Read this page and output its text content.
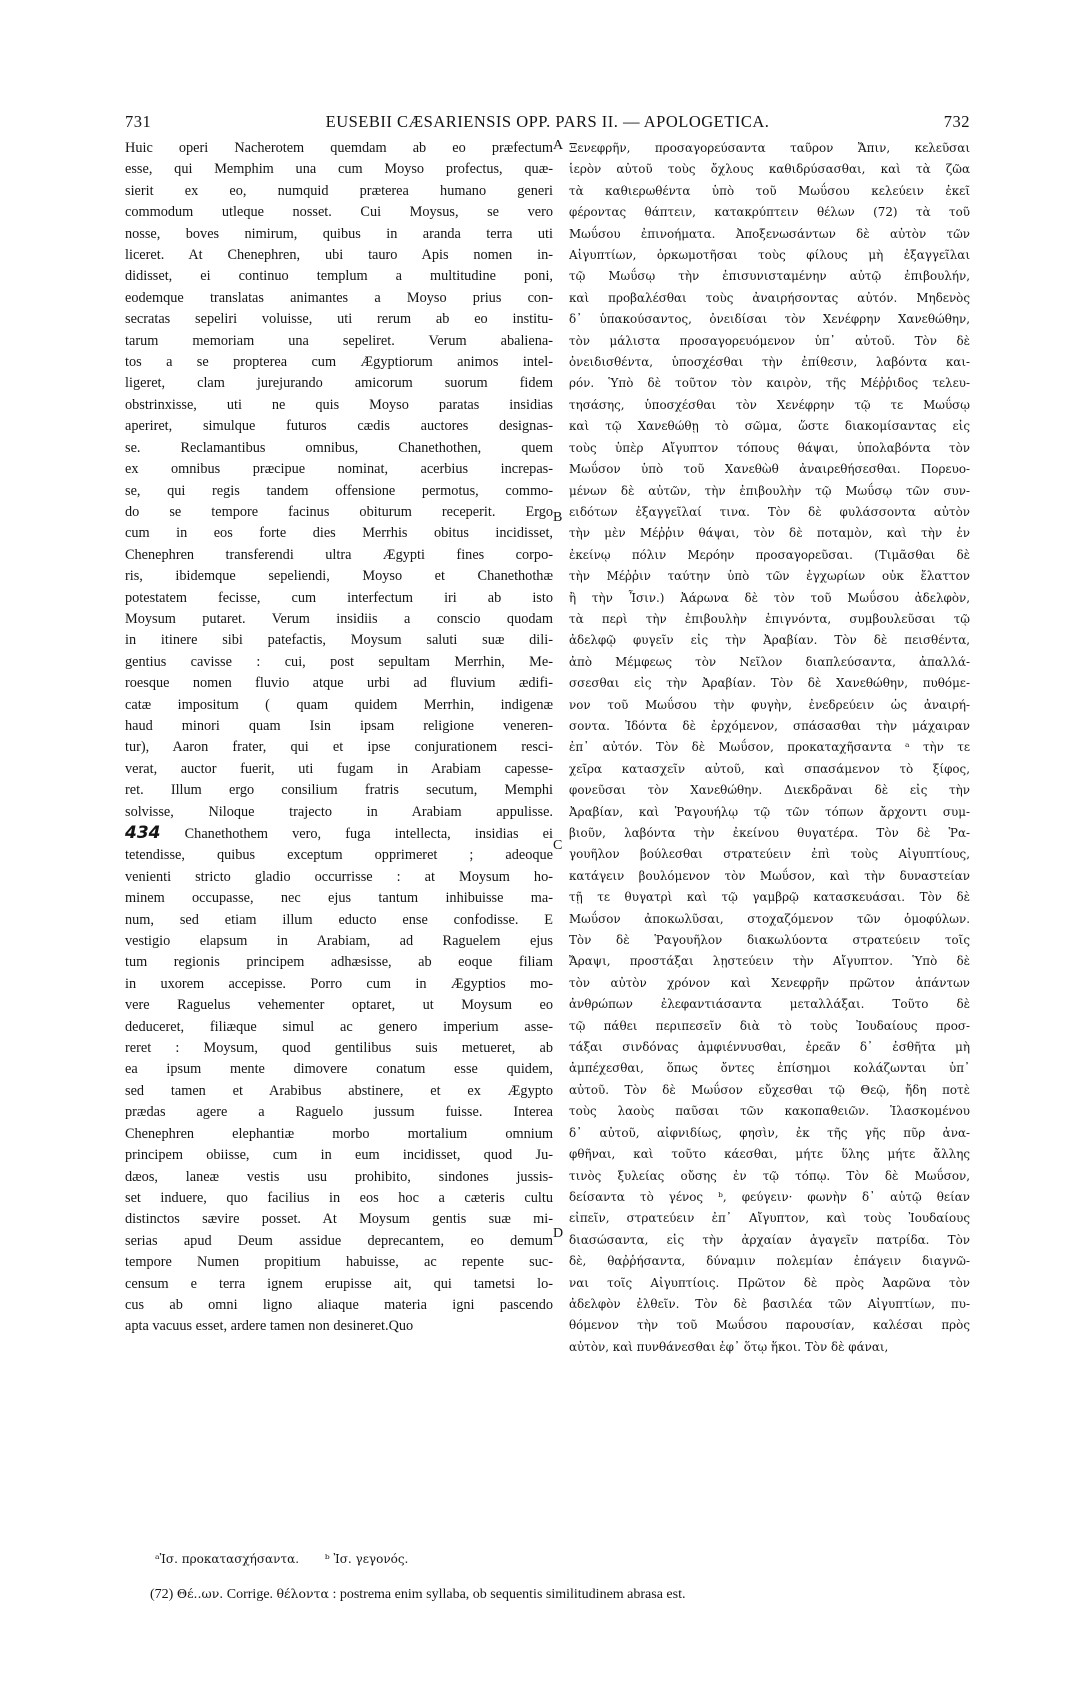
731	EUSEBII CÆSARIENSIS OPP. PARS II. — APOLOGETICA.	732
Huic operi Nacherotem quemdam ab eo præfectum
esse, qui Memphim una cum Moyso profectus, quæ-
sierit ex eo, numquid præterea humano generi
commodum utleque nosset. Cui Moysus, se vero
nosse, boves nimirum, quibus in aranda terra uti
liceret. At Chenephren, ubi tauro Apis nomen in-
didisset, ei continuo templum a multitudine poni,
eodemque translatas animantes a Moyso prius con-
secratas sepeliri voluisse, uti rerum ab eo institu-
tarum memoriam una sepeliret. Verum abaliena-
tos a se propterea cum Ægyptiorum animos intel-
ligeret, clam jurejurando amicorum suorum fidem
obstrinxisse, uti ne quis Moyso paratas insidias
aperiret, simulque futuros cædis auctores designas-
se. Reclamantibus omnibus, Chanethothen, quem
ex omnibus præcipue nominat, acerbius increpas-
se, qui regis tandem offensione permotus, commo-
do se tempore facinus obiturum receperit. Ergo
cum in eos forte dies Merrhis obitus incidisset,
Chenephren transferendi ultra Ægypti fines corpo-
ris, ibidemque sepeliendi, Moyso et Chanethothæ
potestatem fecisse, cum interfectum iri ab isto
Moysum putaret. Verum insidiis a conscio quodam
in itinere sibi patefactis, Moysum saluti suæ dili-
gentius cavisse : cui, post sepultam Merrhin, Me-
roesque nomen fluvio atque urbi ad fluvium ædifi-
catæ impositum ( quam quidem Merrhin, indigenæ
haud minori quam Isin ipsam religione veneren-
tur), Aaron frater, qui et ipse conjurationem resci-
verat, auctor fuerit, uti fugam in Arabiam capesse-
ret. Illum ergo consilium fratris secutum, Memphi
solvisse, Niloque trajecto in Arabiam appulisse.
434 Chanethothem vero, fuga intellecta, insidias ei
tetendisse, quibus exceptum opprimeret ; adeoque
venienti stricto gladio occurrisse : at Moysum ho-
minem occupasse, nec ejus tantum inhibuisse ma-
num, sed etiam illum educto ense confodisse. E
vestigio elapsum in Arabiam, ad Raguelem ejus
tum regionis principem adhæsisse, ab eoque filiam
in uxorem accepisse. Porro cum in Ægyptios mo-
vere Raguelus vehementer optaret, ut Moysum eo
deduceret, filiæque simul ac genero imperium asse-
reret : Moysum, quod gentilibus suis metueret, ab
ea ipsum mente dimovere conatum esse quidem,
sed tamen et Arabibus abstinere, et ex Ægypto
prædas agere a Raguelo jussum fuisse. Interea
Chenephren elephantiæ morbo mortalium omnium
principem obiisse, cum in eum incidisset, quod Ju-
dæos, laneæ vestis usu prohibito, sindones jussis-
set induere, quo facilius in eos hoc a cæteris cultu
distinctos sævire posset. At Moysum gentis suæ mi-
serias apud Deum assidue deprecantem, eo demum
tempore Numen propitium habuisse, ac repente suc-
censum e terra ignem erupisse ait, qui tametsi lo-
cus ab omni ligno aliaque materia igni pascendo
apta vacuus esset, ardere tamen non desineret.Quo
Ξενεφρῆν, προσαγορεύσαντα ταῦρον Ἄπιν, κελεῦσαι
ἱερὸν αὐτοῦ τοὺς ὄχλους καθιδρύσασθαι, καὶ τὰ ζῶα
τὰ καθιερωθέντα ὑπὸ τοῦ Μωΰσου κελεύειν ἐκεῖ
φέροντας θάπτειν, κατακρύπτειν θέλων (72) τὰ τοῦ
Μωΰσου ἐπινοήματα. Ἀποξενωσάντων δὲ αὐτὸν τῶν
Αἰγυπτίων, ὁρκωμοτῆσαι τοὺς φίλους μὴ ἐξαγγεῖλαι
τῷ Μωΰσῳ τὴν ἐπισυνισταμένην αὐτῷ ἐπιβουλήν,
καὶ προβαλέσθαι τοὺς ἀναιρήσοντας αὐτόν. Μηδενὸς
δ᾽ ὑπακούσαντος, ὀνειδίσαι τὸν Χενέφρην Χανεθώθην,
τὸν μάλιστα προσαγορευόμενον ὑπ᾽ αὐτοῦ. Τὸν δὲ
ὀνειδισθέντα, ὑποσχέσθαι τὴν ἐπίθεσιν, λαβόντα και-
ρόν. Ὑπὸ δὲ τοῦτον τὸν καιρὸν, τῆς Μέῤῥιδος τελευ-
τησάσης, ὑποσχέσθαι τὸν Χενέφρην τῷ τε Μωΰσῳ
καὶ τῷ Χανεθώθῃ τὸ σῶμα, ὥστε διακομίσαντας εἰς
τοὺς ὑπὲρ Αἴγυπτον τόπους θάψαι, ὑπολαβόντα τὸν
Μωΰσον ὑπὸ τοῦ Χανεθὼθ ἀναιρεθήσεσθαι. Πορευο-
μένων δὲ αὐτῶν, τὴν ἐπιβουλὴν τῷ Μωΰσῳ τῶν συν-
ειδότων ἐξαγγεῖλαί τινα. Τὸν δὲ φυλάσσοντα αὐτὸν
τὴν μὲν Μέῤῥιν θάψαι, τὸν δὲ ποταμὸν, καὶ τὴν ἐν
ἐκείνῳ πόλιν Μερόην προσαγορεῦσαι. (Τιμᾶσθαι δὲ
τὴν Μέῤῥιν ταύτην ὑπὸ τῶν ἐγχωρίων οὐκ ἔλαττον
ἢ τὴν Ἶσιν.) Ἀάρωνα δὲ τὸν τοῦ Μωΰσου ἀδελφὸν,
τὰ περὶ τὴν ἐπιβουλὴν ἐπιγνόντα, συμβουλεῦσαι τῷ
ἀδελφῷ φυγεῖν εἰς τὴν Ἀραβίαν. Τὸν δὲ πεισθέντα,
ἀπὸ Μέμφεως τὸν Νεῖλον διαπλεύσαντα, ἀπαλλά-
σσεσθαι εἰς τὴν Ἀραβίαν. Τὸν δὲ Χανεθώθην, πυθόμε-
νον τοῦ Μωΰσου τὴν φυγὴν, ἐνεδρεύειν ὡς ἀναιρή-
σοντα. Ἰδόντα δὲ ἐρχόμενον, σπάσασθαι τὴν μάχαιραν
ἐπ᾽ αὐτόν. Τὸν δὲ Μωΰσον, προκαταχῆσαντα ᵃ τὴν τε
χεῖρα κατασχεῖν αὐτοῦ, καὶ σπασάμενον τὸ ξίφος,
φονεῦσαι τὸν Χανεθώθην. Διεκδρᾶναι δὲ εἰς τὴν
Ἀραβίαν, καὶ Ῥαγουήλῳ τῷ τῶν τόπων ἄρχοντι συμ-
βιοῦν, λαβόντα τὴν ἐκείνου θυγατέρα. Τὸν δὲ Ῥα-
γουῆλον βούλεσθαι στρατεύειν ἐπὶ τοὺς Αἰγυπτίους,
κατάγειν βουλόμενον τὸν Μωΰσον, καὶ τὴν δυναστείαν
τῇ τε θυγατρὶ καὶ τῷ γαμβρῷ κατασκευάσαι. Τὸν δὲ
Μωΰσον ἀποκωλῦσαι, στοχαζόμενον τῶν ὁμοφύλων.
Τὸν δὲ Ῥαγουῆλον διακωλύοντα στρατεύειν τοῖς
Ἄραψι, προστάξαι λῃστεύειν τὴν Αἴγυπτον. Ὑπὸ δὲ
τὸν αὐτὸν χρόνον καὶ Χενεφρῆν πρῶτον ἁπάντων
ἀνθρώπων ἐλεφαντιάσαντα μεταλλάξαι. Τοῦτο δὲ
τῷ πάθει περιπεσεῖν διὰ τὸ τοὺς Ἰουδαίους προσ-
τάξαι σινδόνας ἀμφιέννυσθαι, ἐρεᾶν δ᾽ ἐσθῆτα μὴ
ἀμπέχεσθαι, ὅπως ὄντες ἐπίσημοι κολάζωνται ὑπ᾽
αὐτοῦ. Τὸν δὲ Μωΰσον εὔχεσθαι τῷ Θεῷ, ἤδη ποτὲ
τοὺς λαοὺς παῦσαι τῶν κακοπαθειῶν. Ἱλασκομένου
δ᾽ αὐτοῦ, αἰφνιδίως, φησὶν, ἐκ τῆς γῆς πῦρ ἀνα-
φθῆναι, καὶ τοῦτο κάεσθαι, μήτε ὕλης μήτε ἄλλης
τινὸς ξυλείας οὔσης ἐν τῷ τόπῳ. Τὸν δὲ Μωΰσον,
δείσαντα τὸ γένος ᵇ, φεύγειν· φωνὴν δ᾽ αὐτῷ θείαν
εἰπεῖν, στρατεύειν ἐπ᾽ Αἴγυπτον, καὶ τοὺς Ἰουδαίους
διασώσαντα, εἰς τὴν ἀρχαίαν ἀγαγεῖν πατρίδα. Τὸν
δὲ, θαῤῥήσαντα, δύναμιν πολεμίαν ἐπάγειν διαγνῶ-
ναι τοῖς Αἰγυπτίοις. Πρῶτον δὲ πρὸς Ἀαρῶνα τὸν
ἀδελφὸν ἐλθεῖν. Τὸν δὲ βασιλέα τῶν Αἰγυπτίων, πυ-
θόμενον τὴν τοῦ Μωΰσου παρουσίαν, καλέσαι πρὸς
αὐτὸν, καὶ πυνθάνεσθαι ἐφ᾽ ὅτῳ ἥκοι. Τὸν δὲ φάναι,
A
B
C
D
ᵃἸσ. προκατασχήσαντα. ᵇ Ἰσ. γεγονός.
(72) Θέ..ων. Corrige. θέλοντα : postrema enim syllaba, ob sequentis similitudinem abrasa est.
